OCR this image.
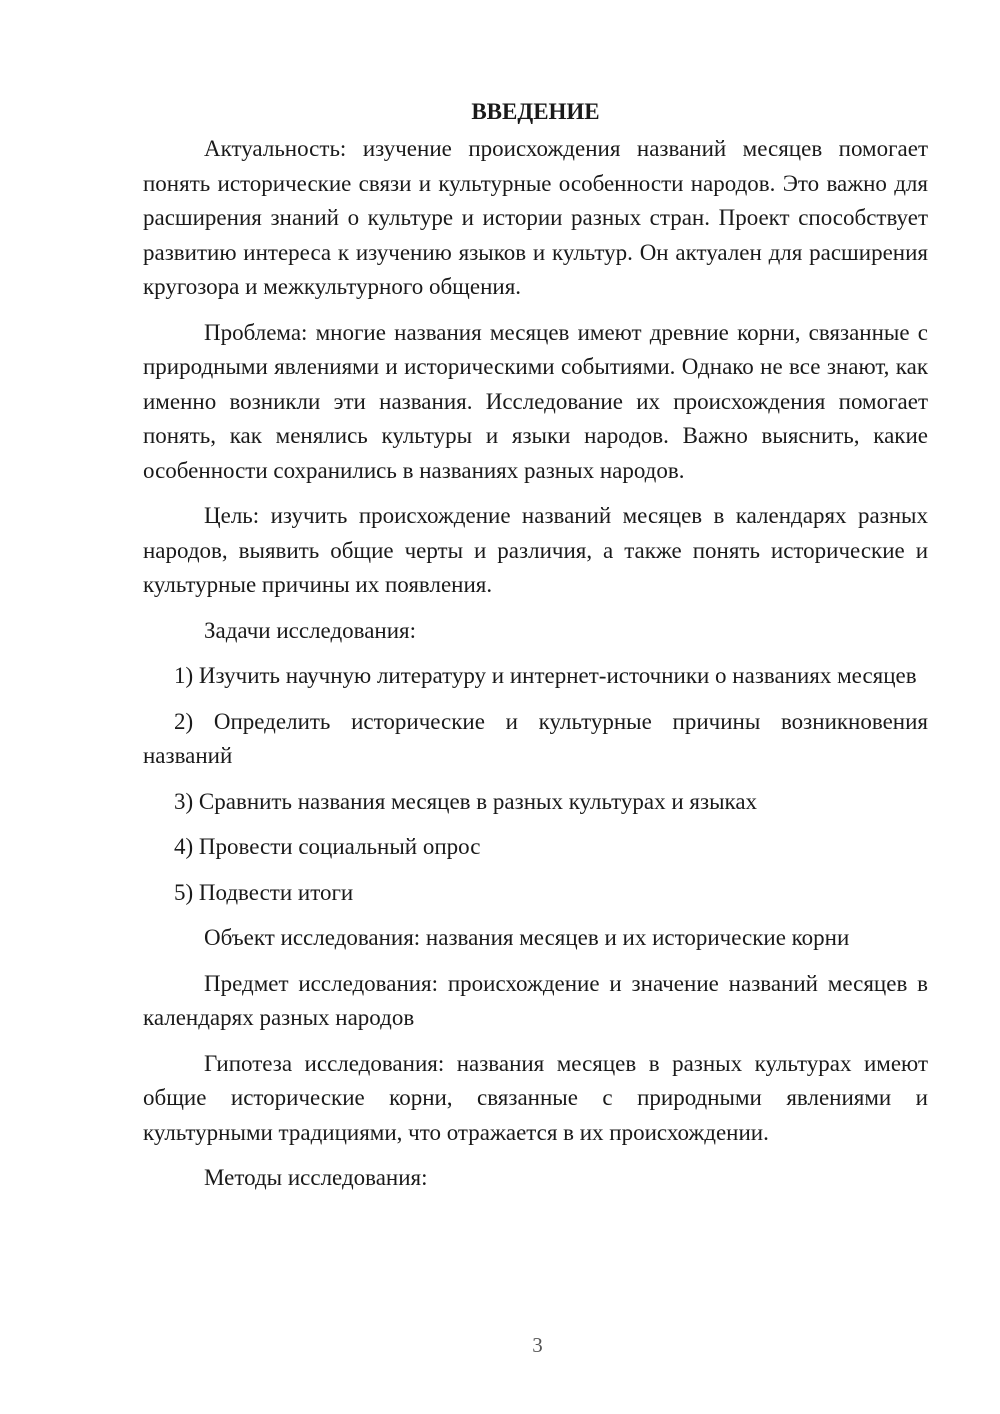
ВВЕДЕНИЕ

Актуальность: изучение происхождения названий месяцев помогает понять исторические связи и культурные особенности народов. Это важно для расширения знаний о культуре и истории разных стран. Проект способствует развитию интереса к изучению языков и культур. Он актуален для расширения кругозора и межкультурного общения.

Проблема: многие названия месяцев имеют древние корни, связанные с природными явлениями и историческими событиями. Однако не все знают, как именно возникли эти названия. Исследование их происхождения помогает понять, как менялись культуры и языки народов. Важно выяснить, какие особенности сохранились в названиях разных народов.

Цель: изучить происхождение названий месяцев в календарях разных народов, выявить общие черты и различия, а также понять исторические и культурные причины их появления.

Задачи исследования:

1) Изучить научную литературу и интернет-источники о названиях месяцев

2) Определить исторические и культурные причины возникновения названий

3) Сравнить названия месяцев в разных культурах и языках

4) Провести социальный опрос

5) Подвести итоги

Объект исследования: названия месяцев и их исторические корни

Предмет исследования: происхождение и значение названий месяцев в календарях разных народов

Гипотеза исследования: названия месяцев в разных культурах имеют общие исторические корни, связанные с природными явлениями и культурными традициями, что отражается в их происхождении.

Методы исследования:

3
